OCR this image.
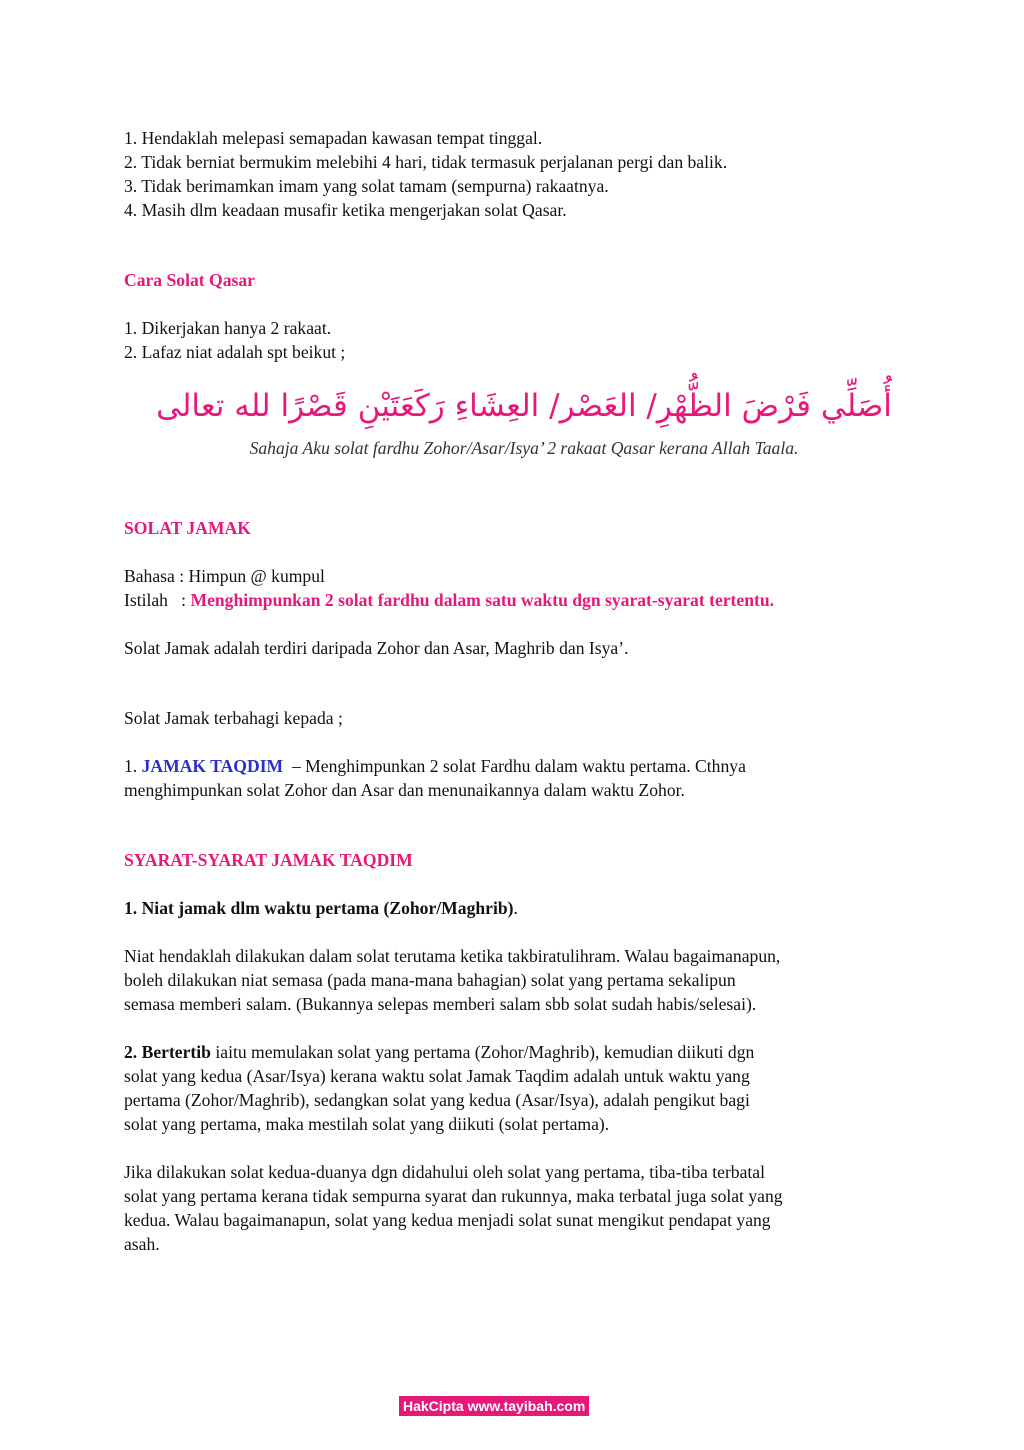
1. Hendaklah melepasi semapadan kawasan tempat tinggal.
2. Tidak berniat bermukim melebihi 4 hari, tidak termasuk perjalanan pergi dan balik.
3. Tidak berimamkan imam yang solat tamam (sempurna) rakaatnya.
4. Masih dlm keadaan musafir ketika mengerjakan solat Qasar.
Cara Solat Qasar
1. Dikerjakan hanya 2 rakaat.
2. Lafaz niat adalah spt beikut ;
أُصَلِّي فَرْضَ الظُّهْرِ/ العَصْر/ العِشَاءِ رَكَعَتَيْنِ قَصْرًا لله تعالى
Sahaja Aku solat fardhu Zohor/Asar/Isya’ 2 rakaat Qasar kerana Allah Taala.
SOLAT JAMAK
Bahasa : Himpun @ kumpul
Istilah   : Menghimpunkan 2 solat fardhu dalam satu waktu dgn syarat-syarat tertentu.
Solat Jamak adalah terdiri daripada Zohor dan Asar, Maghrib dan Isya’.
Solat Jamak terbahagi kepada ;
1. JAMAK TAQDIM  – Menghimpunkan 2 solat Fardhu dalam waktu pertama. Cthnya
menghimpunkan solat Zohor dan Asar dan menunaikannya dalam waktu Zohor.
SYARAT-SYARAT JAMAK TAQDIM
1. Niat jamak dlm waktu pertama (Zohor/Maghrib).
Niat hendaklah dilakukan dalam solat terutama ketika takbiratulihram. Walau bagaimanapun,
boleh dilakukan niat semasa (pada mana-mana bahagian) solat yang pertama sekalipun
semasa memberi salam. (Bukannya selepas memberi salam sbb solat sudah habis/selesai).
2. Bertertib iaitu memulakan solat yang pertama (Zohor/Maghrib), kemudian diikuti dgn
solat yang kedua (Asar/Isya) kerana waktu solat Jamak Taqdim adalah untuk waktu yang
pertama (Zohor/Maghrib), sedangkan solat yang kedua (Asar/Isya), adalah pengikut bagi
solat yang pertama, maka mestilah solat yang diikuti (solat pertama).
Jika dilakukan solat kedua-duanya dgn didahului oleh solat yang pertama, tiba-tiba terbatal
solat yang pertama kerana tidak sempurna syarat dan rukunnya, maka terbatal juga solat yang
kedua. Walau bagaimanapun, solat yang kedua menjadi solat sunat mengikut pendapat yang
asah.
HakCipta www.tayibah.com
